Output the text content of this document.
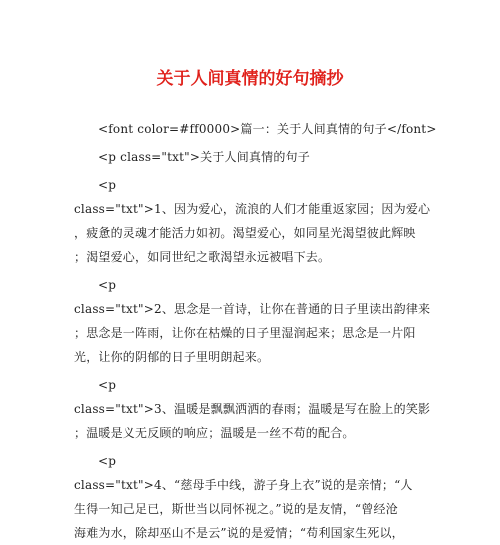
关于人间真情的好句摘抄
<font color=#ff0000>篇一：关于人间真情的句子</font>
<p class="txt">关于人间真情的句子
<p
class="txt">1、因为爱心，流浪的人们才能重返家园；因为爱心
，疲惫的灵魂才能活力如初。渴望爱心，如同星光渴望彼此辉映
；渴望爱心，如同世纪之歌渴望永远被唱下去。
<p
class="txt">2、思念是一首诗，让你在普通的日子里读出韵律来
；思念是一阵雨，让你在枯燥的日子里湿润起来；思念是一片阳
光，让你的阴郁的日子里明朗起来。
<p
class="txt">3、温暖是飘飘洒洒的春雨；温暖是写在脸上的笑影
；温暖是义无反顾的响应；温暖是一丝不苟的配合。
<p
class="txt">4、“慈母手中线，游子身上衣”说的是亲情；“人
生得一知己足已，斯世当以同怀视之。”说的是友情，“曾经沧
海难为水，除却巫山不是云”说的是爱情；“苟利国家生死以，
